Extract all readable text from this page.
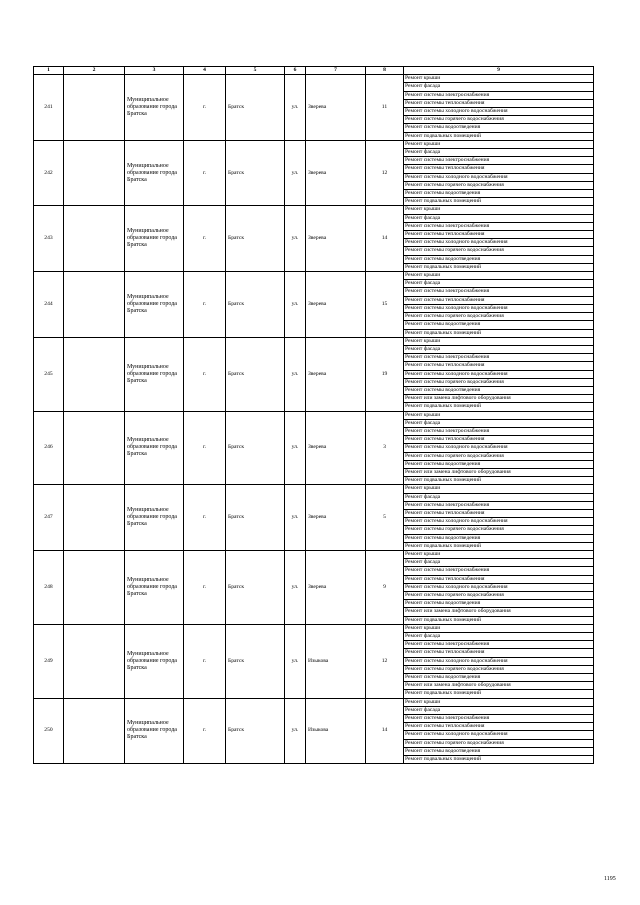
1	2	3	4	5	6	7	8	9
241		Муниципальное образование города Братска	г.	Братск	ул.	Зверева	11	Ремонт крыши
								Ремонт фасада
								Ремонт системы электроснабжения
								Ремонт системы теплоснабжения
								Ремонт системы холодного водоснабжения
								Ремонт системы горячего водоснабжения
								Ремонт системы водоотведения
								Ремонт подвальных помещений
242		Муниципальное образование города Братска	г.	Братск	ул.	Зверева	12	Ремонт крыши
								Ремонт фасада
								Ремонт системы электроснабжения
								Ремонт системы теплоснабжения
								Ремонт системы холодного водоснабжения
								Ремонт системы горячего водоснабжения
								Ремонт системы водоотведения
								Ремонт подвальных помещений
243		Муниципальное образование города Братска	г.	Братск	ул.	Зверева	14	Ремонт крыши
								Ремонт фасада
								Ремонт системы электроснабжения
								Ремонт системы теплоснабжения
								Ремонт системы холодного водоснабжения
								Ремонт системы горячего водоснабжения
								Ремонт системы водоотведения
								Ремонт подвальных помещений
244		Муниципальное образование города Братска	г.	Братск	ул.	Зверева	15	Ремонт крыши
								Ремонт фасада
								Ремонт системы электроснабжения
								Ремонт системы теплоснабжения
								Ремонт системы холодного водоснабжения
								Ремонт системы горячего водоснабжения
								Ремонт системы водоотведения
								Ремонт подвальных помещений
245		Муниципальное образование города Братска	г.	Братск	ул.	Зверева	19	Ремонт крыши
								Ремонт фасада
								Ремонт системы электроснабжения
								Ремонт системы теплоснабжения
								Ремонт системы холодного водоснабжения
								Ремонт системы горячего водоснабжения
								Ремонт системы водоотведения
								Ремонт или замена лифтового оборудования
								Ремонт подвальных помещений
246		Муниципальное образование города Братска	г.	Братск	ул.	Зверева	3	Ремонт крыши
								Ремонт фасада
								Ремонт системы электроснабжения
								Ремонт системы теплоснабжения
								Ремонт системы холодного водоснабжения
								Ремонт системы горячего водоснабжения
								Ремонт системы водоотведения
								Ремонт или замена лифтового оборудования
								Ремонт подвальных помещений
247		Муниципальное образование города Братска	г.	Братск	ул.	Зверева	5	Ремонт крыши
								Ремонт фасада
								Ремонт системы электроснабжения
								Ремонт системы теплоснабжения
								Ремонт системы холодного водоснабжения
								Ремонт системы горячего водоснабжения
								Ремонт системы водоотведения
								Ремонт подвальных помещений
248		Муниципальное образование города Братска	г.	Братск	ул.	Зверева	9	Ремонт крыши
								Ремонт фасада
								Ремонт системы электроснабжения
								Ремонт системы теплоснабжения
								Ремонт системы холодного водоснабжения
								Ремонт системы горячего водоснабжения
								Ремонт системы водоотведения
								Ремонт или замена лифтового оборудования
								Ремонт подвальных помещений
249		Муниципальное образование города Братска	г.	Братск	ул.	Изыкова	12	Ремонт крыши
								Ремонт фасада
								Ремонт системы электроснабжения
								Ремонт системы теплоснабжения
								Ремонт системы холодного водоснабжения
								Ремонт системы горячего водоснабжения
								Ремонт системы водоотведения
								Ремонт или замена лифтового оборудования
								Ремонт подвальных помещений
250		Муниципальное образование города Братска	г.	Братск	ул.	Изыкова	14	Ремонт крыши
								Ремонт фасада
								Ремонт системы электроснабжения
								Ремонт системы теплоснабжения
								Ремонт системы холодного водоснабжения
								Ремонт системы горячего водоснабжения
								Ремонт системы водоотведения
								Ремонт подвальных помещений
1195
